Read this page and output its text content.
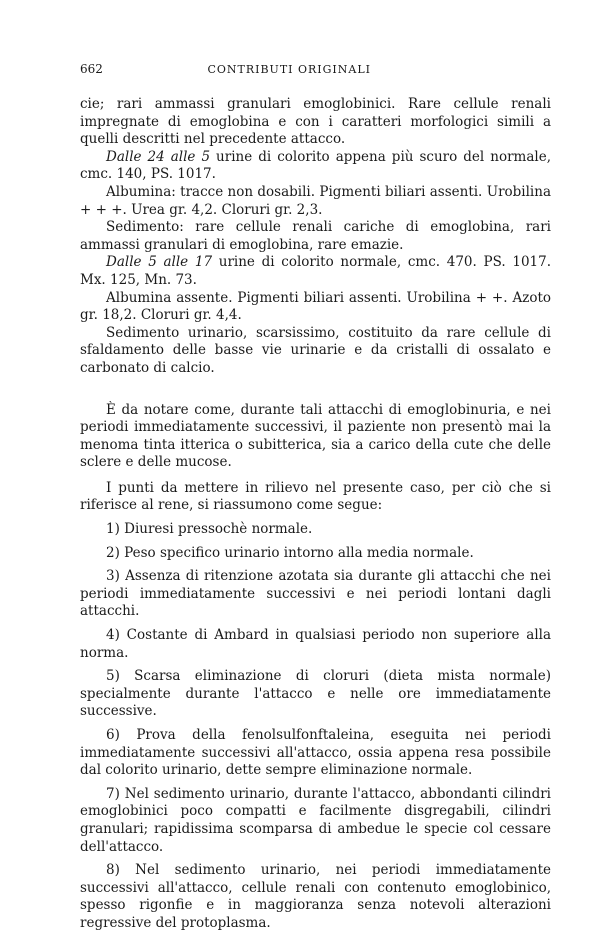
662	CONTRIBUTI ORIGINALI

cie; rari ammassi granulari emoglobinici. Rare cellule renali impregnate di emoglobina e con i caratteri morfologici simili a quelli descritti nel precedente attacco.

Dalle 24 alle 5 urine di colorito appena più scuro del normale, cmc. 140, PS. 1017.

Albumina: tracce non dosabili. Pigmenti biliari assenti. Urobilina + + +. Urea gr. 4,2. Cloruri gr. 2,3.

Sedimento: rare cellule renali cariche di emoglobina, rari ammassi granulari di emoglobina, rare emazie.

Dalle 5 alle 17 urine di colorito normale, cmc. 470. PS. 1017. Mx. 125, Mn. 73.

Albumina assente. Pigmenti biliari assenti. Urobilina + +. Azoto gr. 18,2. Cloruri gr. 4,4.

Sedimento urinario, scarsissimo, costituito da rare cellule di sfaldamento delle basse vie urinarie e da cristalli di ossalato e carbonato di calcio.

È da notare come, durante tali attacchi di emoglobinuria, e nei periodi immediatamente successivi, il paziente non presentò mai la menoma tinta itterica o subitterica, sia a carico della cute che delle sclere e delle mucose.

I punti da mettere in rilievo nel presente caso, per ciò che si riferisce al rene, si riassumono come segue:

1) Diuresi pressochè normale.

2) Peso specifico urinario intorno alla media normale.

3) Assenza di ritenzione azotata sia durante gli attacchi che nei periodi immediatamente successivi e nei periodi lontani dagli attacchi.

4) Costante di Ambard in qualsiasi periodo non superiore alla norma.

5) Scarsa eliminazione di cloruri (dieta mista normale) specialmente durante l'attacco e nelle ore immediatamente successive.

6) Prova della fenolsulfonftaleina, eseguita nei periodi immediatamente successivi all'attacco, ossia appena resa possibile dal colorito urinario, dette sempre eliminazione normale.

7) Nel sedimento urinario, durante l'attacco, abbondanti cilindri emoglobinici poco compatti e facilmente disgregabili, cilindri granulari; rapidissima scomparsa di ambedue le specie col cessare dell'attacco.

8) Nel sedimento urinario, nei periodi immediatamente successivi all'attacco, cellule renali con contenuto emoglobinico, spesso rigonfie e in maggioranza senza notevoli alterazioni regressive del protoplasma.
